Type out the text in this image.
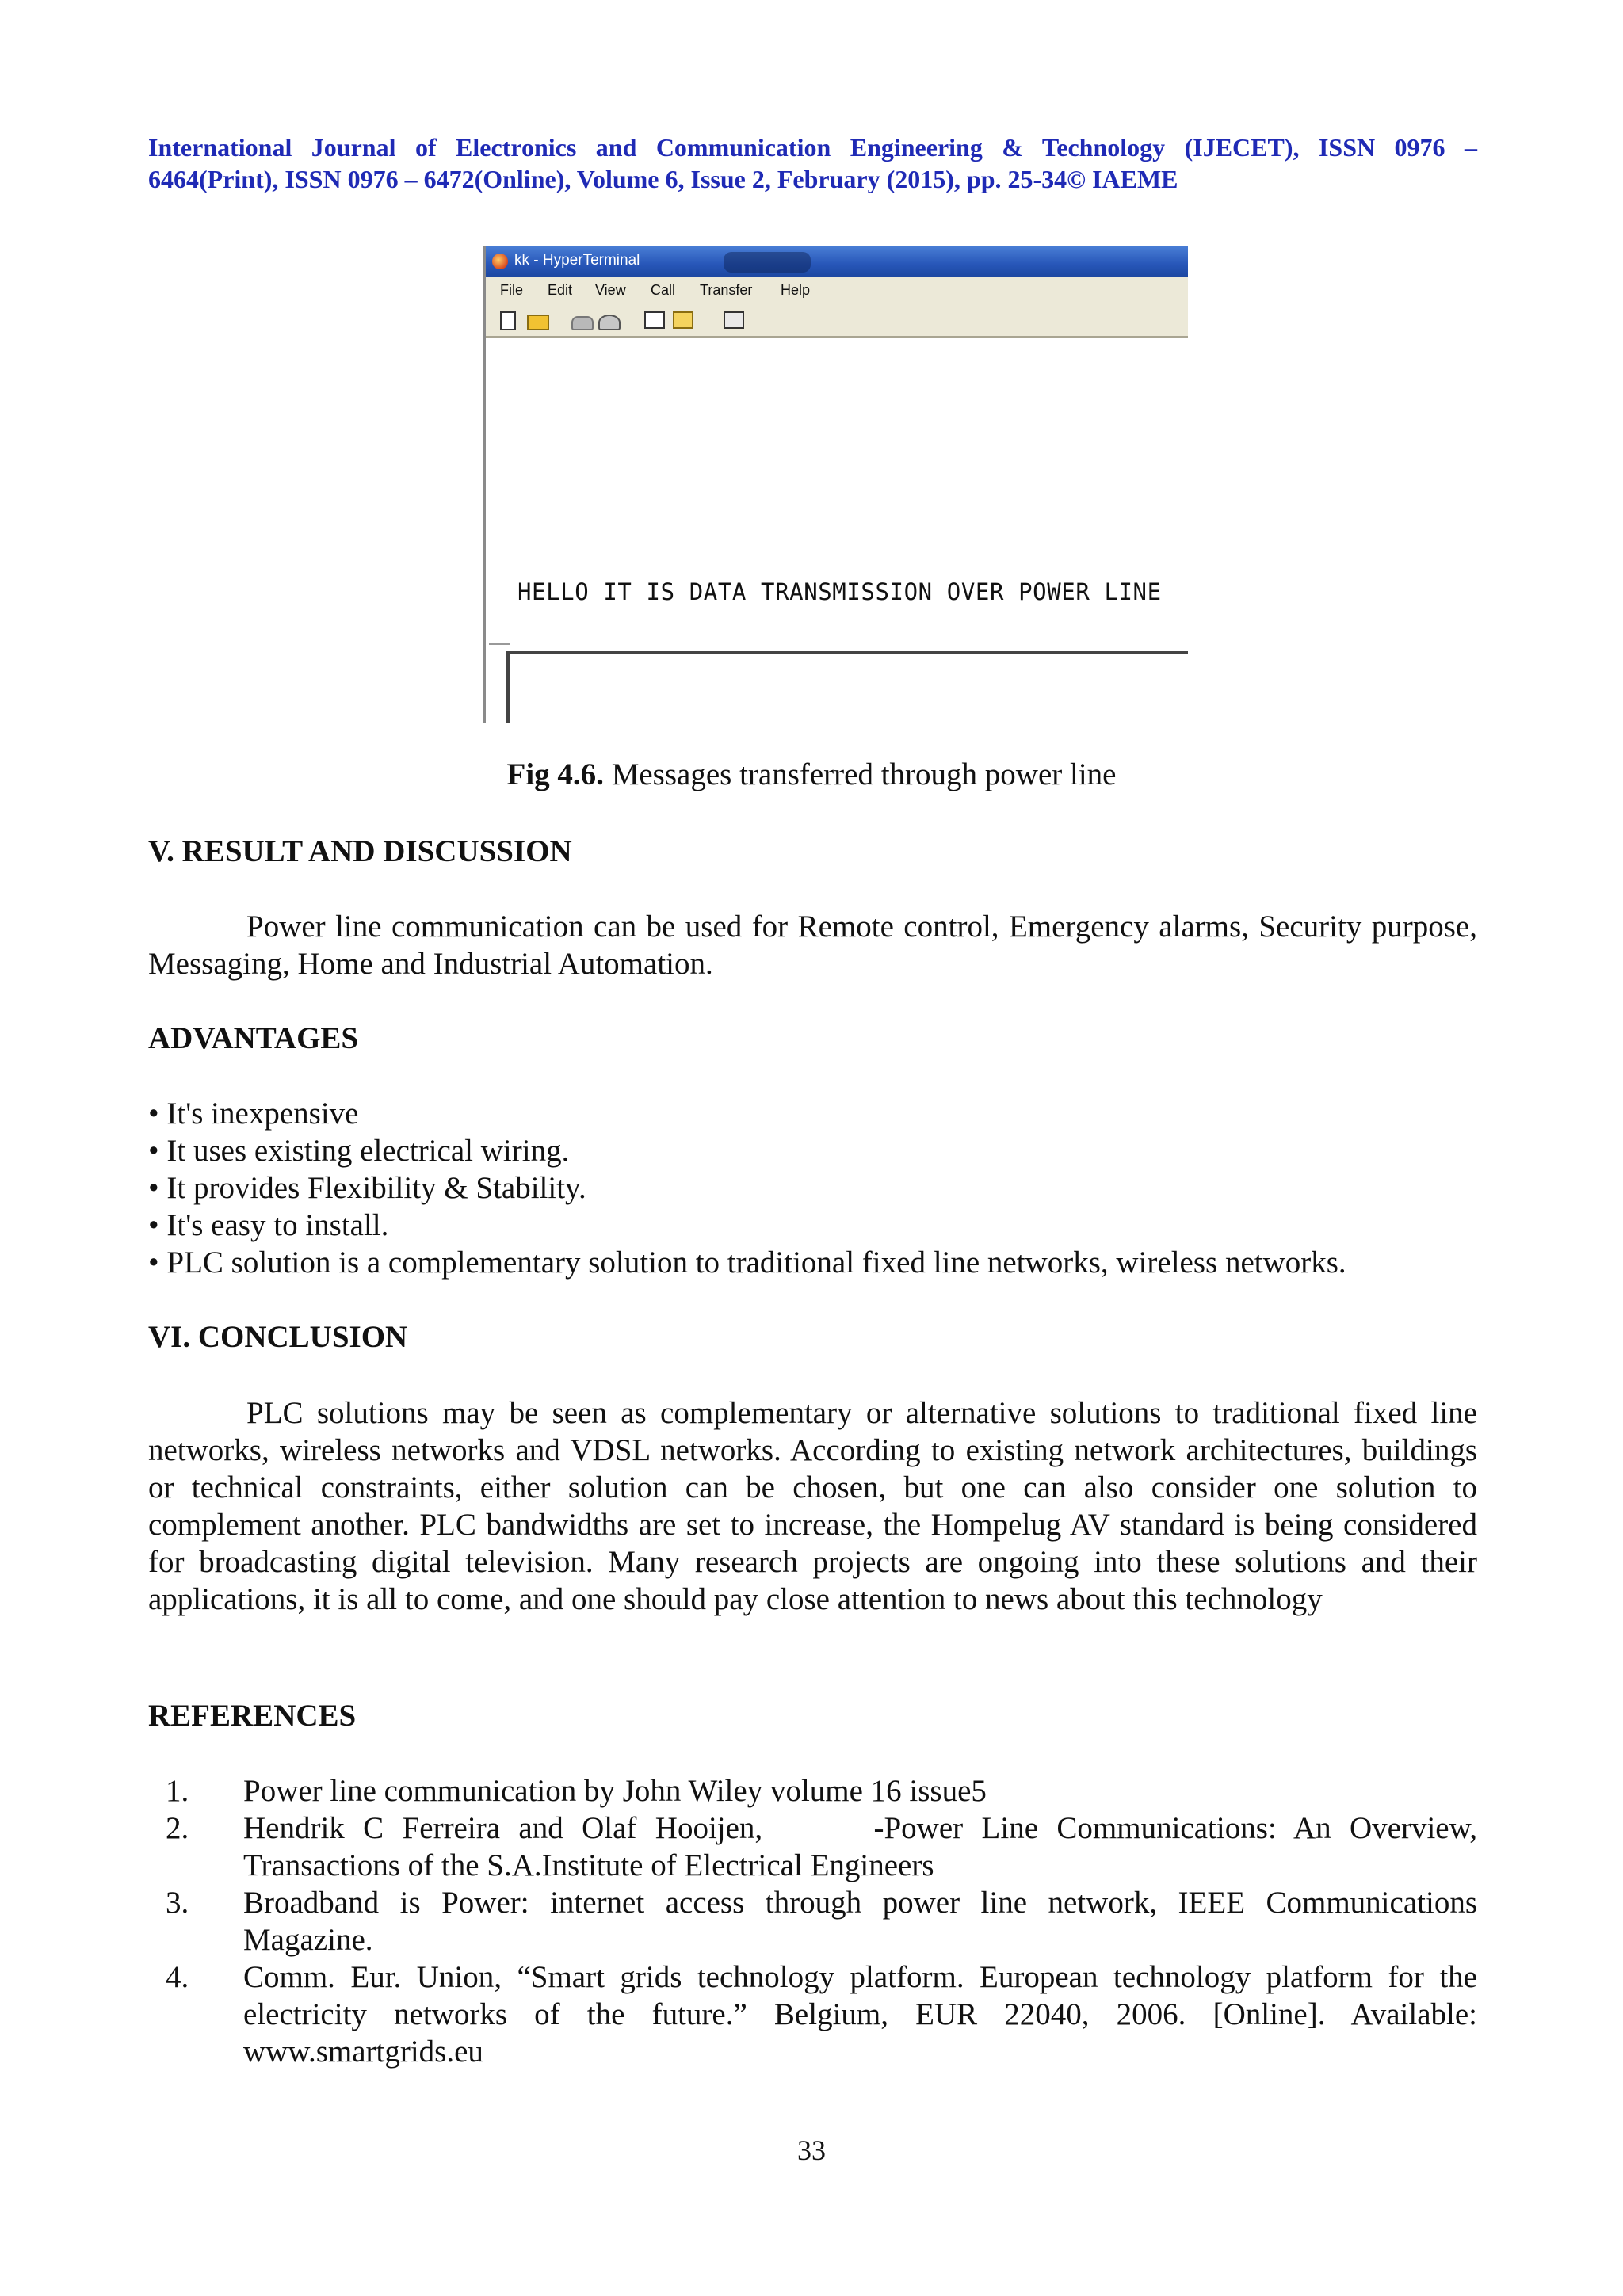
International Journal of Electronics and Communication Engineering & Technology (IJECET), ISSN 0976 –
6464(Print), ISSN 0976 – 6472(Online), Volume 6, Issue 2, February (2015), pp. 25-34© IAEME
kk - HyperTerminal
File Edit View Call Transfer Help
HELLO IT IS DATA TRANSMISSION OVER POWER LINE
Fig 4.6. Messages transferred through power line
V. RESULT AND DISCUSSION

Power line communication can be used for Remote control, Emergency alarms, Security purpose, Messaging, Home and Industrial Automation.

ADVANTAGES
• It's inexpensive
• It uses existing electrical wiring.
• It provides Flexibility & Stability.
• It's easy to install.
• PLC solution is a complementary solution to traditional fixed line networks, wireless networks.
VI. CONCLUSION

PLC solutions may be seen as complementary or alternative solutions to traditional fixed line networks, wireless networks and VDSL networks. According to existing network architectures, buildings or technical constraints, either solution can be chosen, but one can also consider one solution to complement another. PLC bandwidths are set to increase, the Hompelug AV standard is being considered for broadcasting digital television. Many research projects are ongoing into these solutions and their applications, it is all to come, and one should pay close attention to news about this technology

REFERENCES
1. Power line communication by John Wiley volume 16 issue5
2. Hendrik C Ferreira and Olaf Hooijen,      -Power Line Communications: An Overview, Transactions of the S.A.Institute of Electrical Engineers
3. Broadband is Power: internet access through power line network, IEEE Communications Magazine.
4. Comm. Eur. Union, “Smart grids technology platform. European technology platform for the electricity networks of the future.” Belgium, EUR 22040, 2006. [Online]. Available: www.smartgrids.eu
33
